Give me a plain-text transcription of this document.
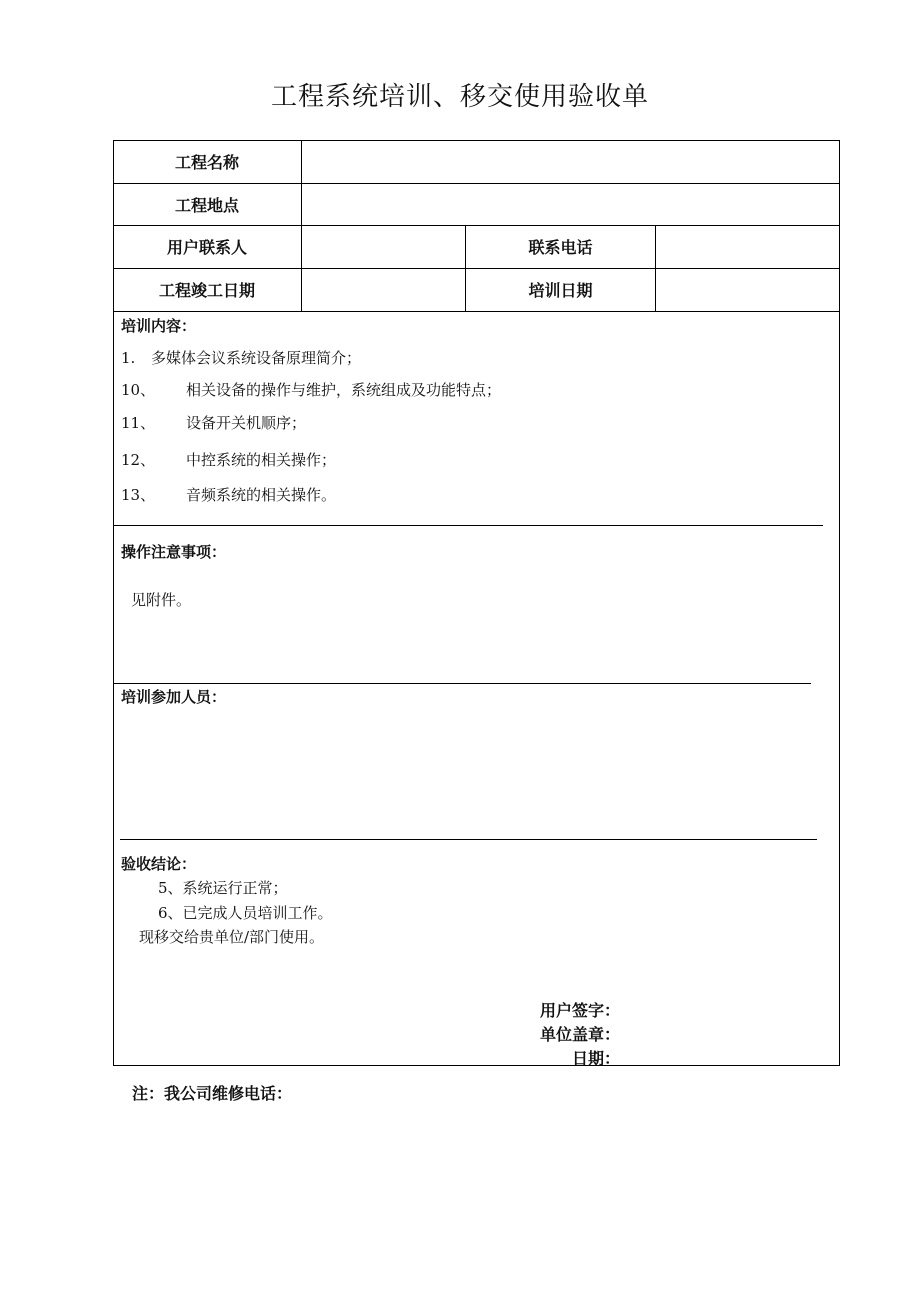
工程系统培训、移交使用验收单
工程名称
工程地点
用户联系人	联系电话
工程竣工日期	培训日期
培训内容：
1. 多媒体会议系统设备原理简介；
10、 相关设备的操作与维护，系统组成及功能特点；
11、 设备开关机顺序；
12、 中控系统的相关操作；
13、 音频系统的相关操作。
操作注意事项：
见附件。
培训参加人员：
验收结论：
5、系统运行正常；
6、已完成人员培训工作。
现移交给贵单位/部门使用。
用户签字：
单位盖章：
日期：
注：我公司维修电话：
